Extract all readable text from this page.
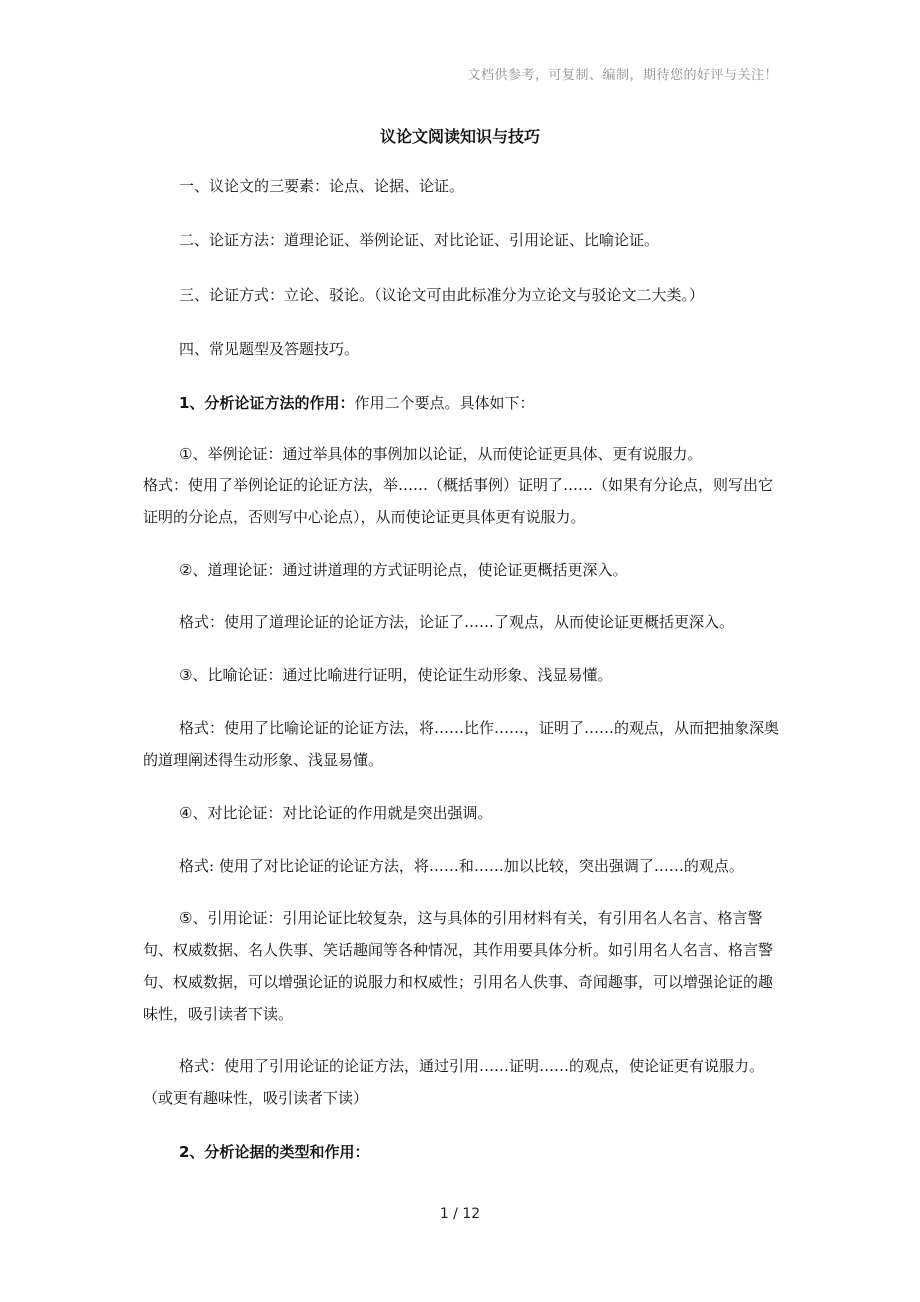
文档供参考，可复制、编制，期待您的好评与关注！
议论文阅读知识与技巧

一、议论文的三要素：论点、论据、论证。

二、论证方法：道理论证、举例论证、对比论证、引用论证、比喻论证。

三、论证方式：立论、驳论。（议论文可由此标准分为立论文与驳论文二大类。）

四、常见题型及答题技巧。

1、分析论证方法的作用：作用二个要点。具体如下：

①、举例论证：通过举具体的事例加以论证，从而使论证更具体、更有说服力。

格式：使用了举例论证的论证方法，举……（概括事例）证明了……（如果有分论点，则写出它证明的分论点，否则写中心论点），从而使论证更具体更有说服力。

②、道理论证：通过讲道理的方式证明论点，使论证更概括更深入。

格式：使用了道理论证的论证方法，论证了……了观点，从而使论证更概括更深入。

③、比喻论证：通过比喻进行证明，使论证生动形象、浅显易懂。

格式：使用了比喻论证的论证方法，将……比作……，证明了……的观点，从而把抽象深奥的道理阐述得生动形象、浅显易懂。

④、对比论证：对比论证的作用就是突出强调。

格式: 使用了对比论证的论证方法，将……和……加以比较，突出强调了……的观点。

⑤、引用论证：引用论证比较复杂，这与具体的引用材料有关，有引用名人名言、格言警句、权威数据、名人佚事、笑话趣闻等各种情况，其作用要具体分析。如引用名人名言、格言警句、权威数据，可以增强论证的说服力和权威性；引用名人佚事、奇闻趣事，可以增强论证的趣味性，吸引读者下读。

格式：使用了引用论证的论证方法，通过引用……证明……的观点，使论证更有说服力。（或更有趣味性，吸引读者下读）

2、分析论据的类型和作用：

1 / 12
